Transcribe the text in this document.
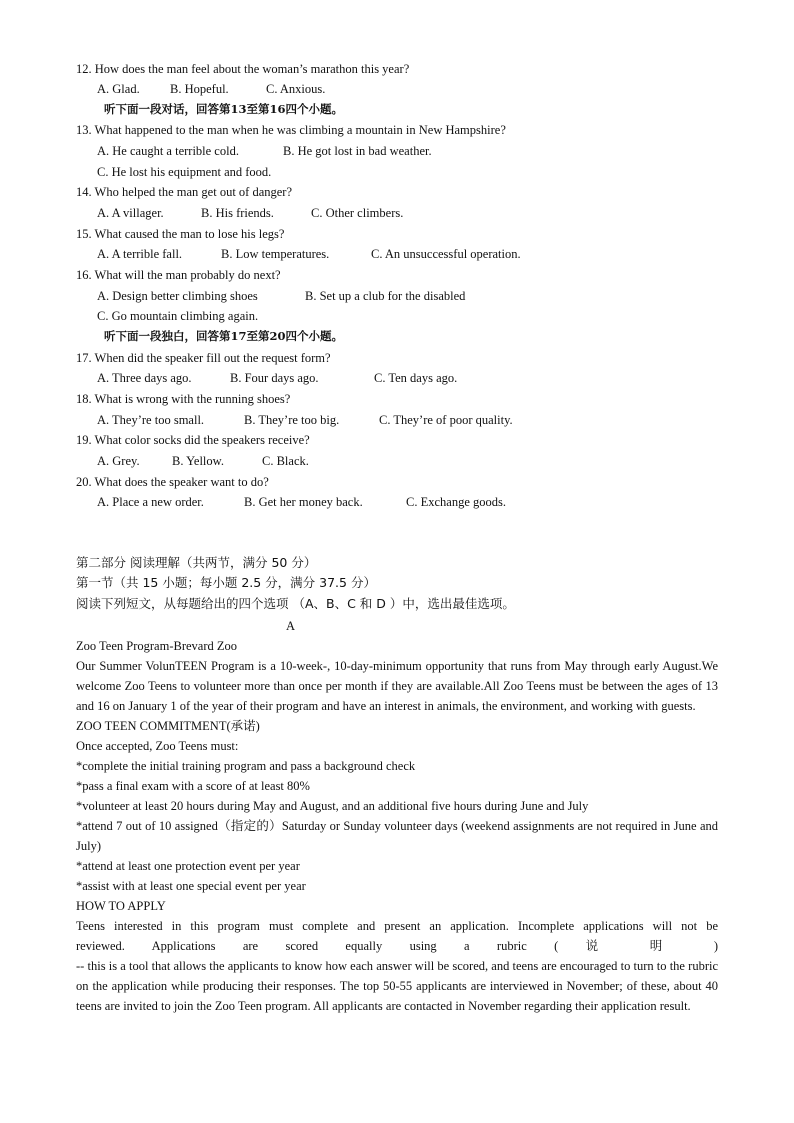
12. How does the man feel about the woman’s marathon this year?
A. Glad. B. Hopeful.	C. Anxious.
听下面一段对话，回答第13至第16四个小题。
13. What happened to the man when he was climbing a mountain in New Hampshire?
A. He caught a terrible cold.	B. He got lost in bad weather.
C. He lost his equipment and food.
14. Who helped the man get out of danger?
A. A villager.	B. His friends.	C. Other climbers.
15. What caused the man to lose his legs?
A. A terrible fall.	B. Low temperatures.	C. An unsuccessful operation.
16. What will the man probably do next?
A. Design better climbing shoes	B. Set up a club for the disabled
C. Go mountain climbing again.
听下面一段独白，回答第17至第20四个小题。
17. When did the speaker fill out the request form?
A. Three days ago.	B. Four days ago.	C. Ten days ago.
18. What is wrong with the running shoes?
A. They’re too small.	B. They’re too big.	C. They’re of poor quality.
19. What color socks did the speakers receive?
A. Grey.	B. Yellow.	C. Black.
20. What does the speaker want to do?
A. Place a new order.	B. Get her money back.	C. Exchange goods.
第二部分 阅读理解（共两节，满分 50 分）
第一节（共 15 小题；每小题 2.5 分，满分 37.5 分）
阅读下列短文，从每题给出的四个选项 （A、B、C 和 D ）中，选出最佳选项。
A

Zoo Teen Program-Brevard Zoo

Our Summer VolunTEEN Program is a 10-week-, 10-day-minimum opportunity that runs from May through early August.We welcome Zoo Teens to volunteer more than once per month if they are available.All Zoo Teens must be between the ages of 13 and 16 on January 1 of the year of their program and have an interest in animals, the environment, and working with guests.

ZOO TEEN COMMITMENT(承诺)

Once accepted, Zoo Teens must:

*complete the initial training program and pass a background check

*pass a final exam with a score of at least 80%

*volunteer at least 20 hours during May and August, and an additional five hours during June and July

*attend 7 out of 10 assigned（指定的）Saturday or Sunday volunteer days (weekend assignments are not required in June and July)

*attend at least one protection event per year

*assist with at least one special event per year

HOW TO APPLY

Teens interested in this program must complete and present an application. Incomplete applications will not be

reviewed. Applications are scored equally using a rubric ( 说 明 )

-- this is a tool that allows the applicants to know how each answer will be scored, and teens are encouraged to turn to the rubric on the application while producing their responses. The top 50-55 applicants are interviewed in November; of these, about 40 teens are invited to join the Zoo Teen program. All applicants are contacted in November regarding their application result.
